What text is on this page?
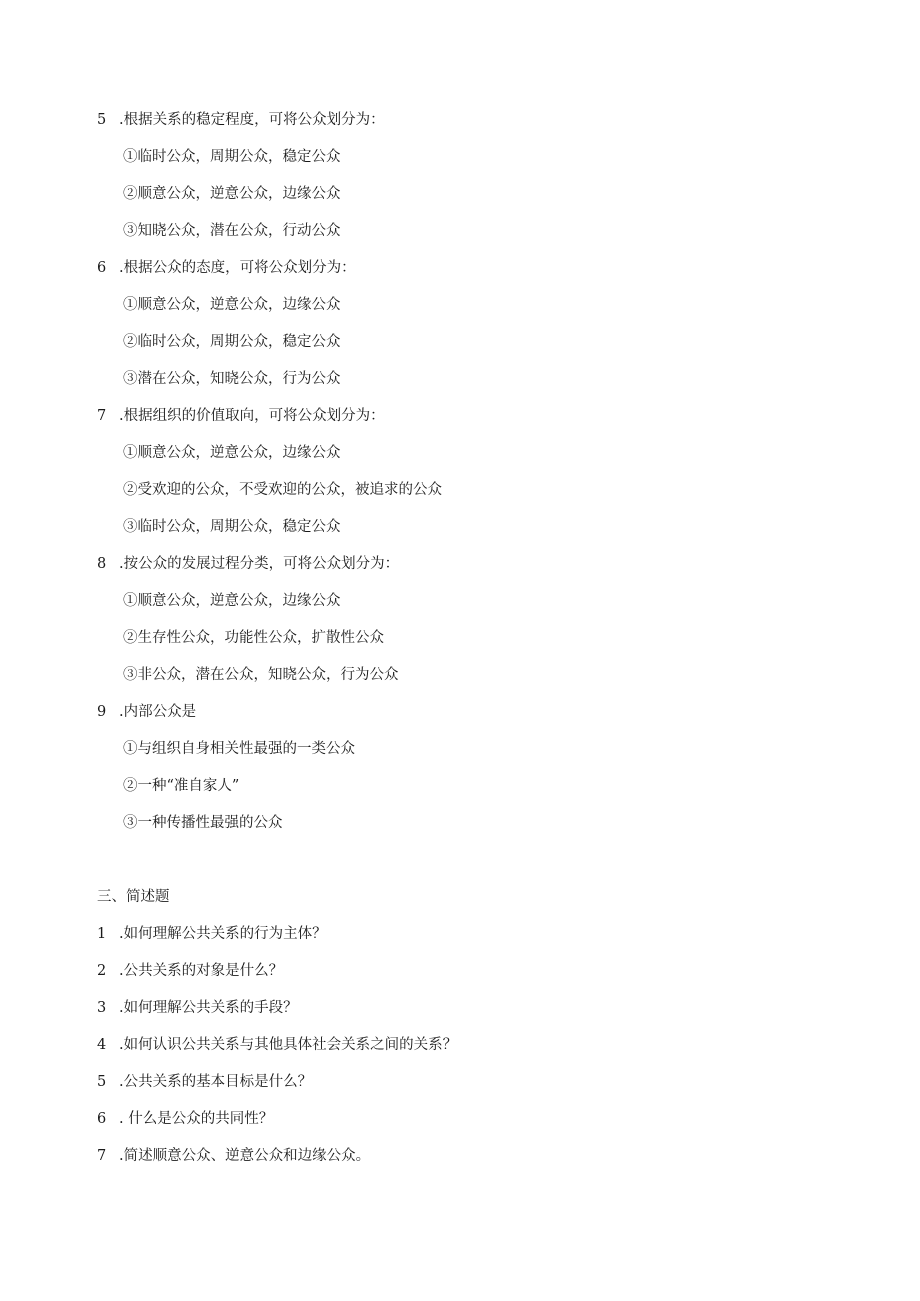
5 .根据关系的稳定程度，可将公众划分为：
①临时公众，周期公众，稳定公众
②顺意公众，逆意公众，边缘公众
③知晓公众，潜在公众，行动公众
6 .根据公众的态度，可将公众划分为：
①顺意公众，逆意公众，边缘公众
②临时公众，周期公众，稳定公众
③潜在公众，知晓公众，行为公众
7 .根据组织的价值取向，可将公众划分为：
①顺意公众，逆意公众，边缘公众
②受欢迎的公众，不受欢迎的公众，被追求的公众
③临时公众，周期公众，稳定公众
8 .按公众的发展过程分类，可将公众划分为：
①顺意公众，逆意公众，边缘公众
②生存性公众，功能性公众，扩散性公众
③非公众，潜在公众，知晓公众，行为公众
9 .内部公众是
①与组织自身相关性最强的一类公众
②一种“准自家人”
③一种传播性最强的公众
三、简述题
1 .如何理解公共关系的行为主体？
2 .公共关系的对象是什么？
3 .如何理解公共关系的手段？
4 .如何认识公共关系与其他具体社会关系之间的关系？
5 .公共关系的基本目标是什么？
6 . 什么是公众的共同性？
7 .简述顺意公众、逆意公众和边缘公众。
